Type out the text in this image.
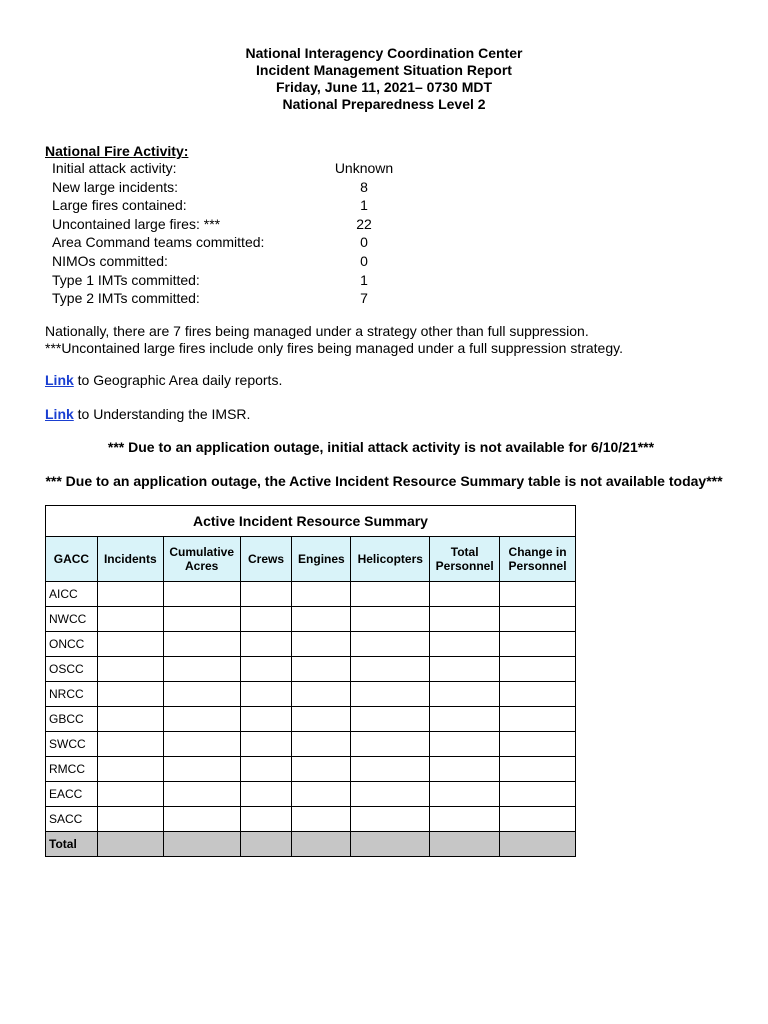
National Interagency Coordination Center
Incident Management Situation Report
Friday, June 11, 2021– 0730 MDT
National Preparedness Level 2
National Fire Activity:
Initial attack activity:	Unknown
New large incidents:	8
Large fires contained:	1
Uncontained large fires: ***	22
Area Command teams committed:	0
NIMOs committed:	0
Type 1 IMTs committed:	1
Type 2 IMTs committed:	7
Nationally, there are 7 fires being managed under a strategy other than full suppression.
***Uncontained large fires include only fires being managed under a full suppression strategy.
Link to Geographic Area daily reports.
Link to Understanding the IMSR.
*** Due to an application outage, initial attack activity is not available for 6/10/21***
*** Due to an application outage, the Active Incident Resource Summary table is not available today***
Active Incident Resource Summary							
GACC	Incidents	Cumulative Acres	Crews	Engines	Helicopters	Total Personnel	Change in Personnel
AICC							
NWCC							
ONCC							
OSCC							
NRCC							
GBCC							
SWCC							
RMCC							
EACC							
SACC							
Total							
